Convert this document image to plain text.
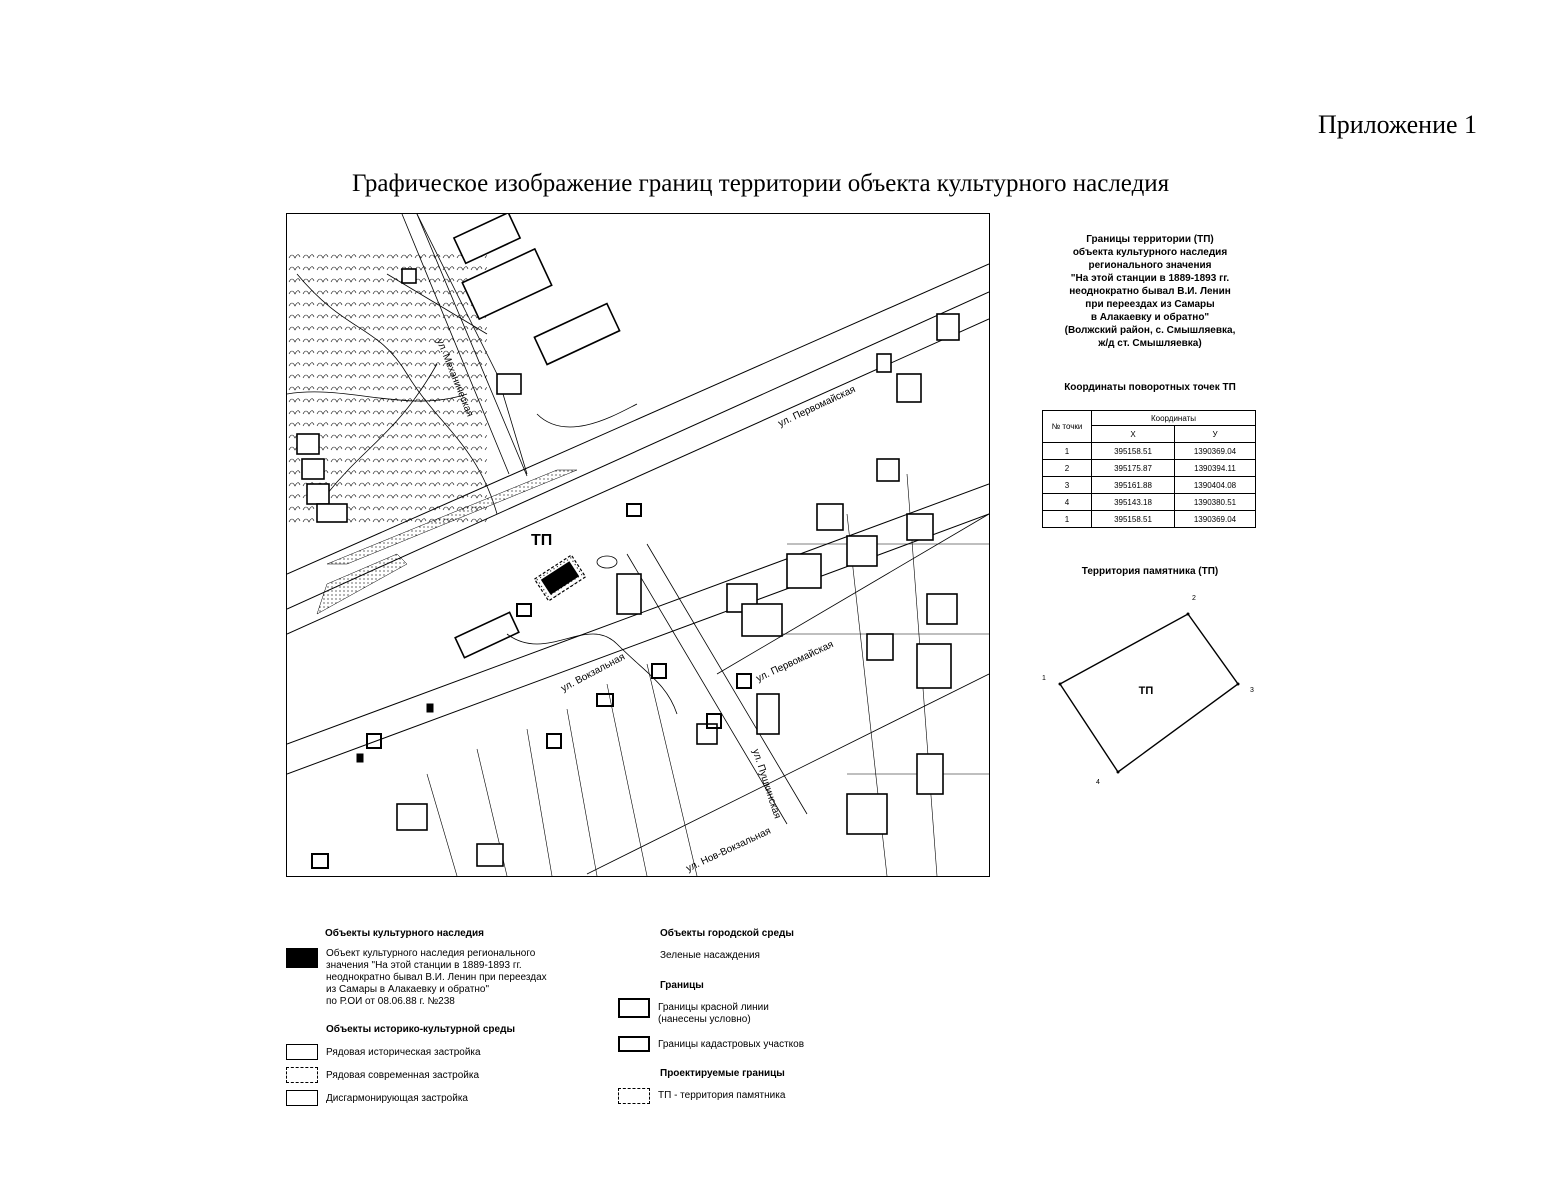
Приложение 1
Графическое изображение границ территории объекта культурного наследия
ТП
ул. Механическая	ул. Первомайская
ул. Вокзальная	ул. Первомайская
ул. Пушкинская
ул. Нов-Вокзальная
Границы территории (ТП)
объекта культурного наследия
регионального значения
"На этой станции в 1889-1893 гг.
неоднократно бывал В.И. Ленин
при переездах из Самары
в Алакаевку и обратно"
(Волжский район, с. Смышляевка,
ж/д ст. Смышляевка)
Координаты поворотных точек ТП
№ точки	Координаты	
	X	У
1	395158.51	1390369.04
2	395175.87	1390394.11
3	395161.88	1390404.08
4	395143.18	1390380.51
1	395158.51	1390369.04
Территория памятника (ТП)
ТП
1
2
3
4
Объекты культурного наследия
Объект культурного наследия регионального
значения "На этой станции в 1889-1893 гг.
неоднократно бывал В.И. Ленин при переездах
из Самары в Алакаевку и обратно"
по Р.ОИ от 08.06.88 г. №238
Объекты историко-культурной среды
Рядовая историческая застройка
Рядовая современная застройка
Дисгармонирующая застройка
Объекты городской среды
Зеленые насаждения
Границы
Границы красной линии
(нанесены условно)
Границы кадастровых участков
Проектируемые границы
ТП - территория памятника
